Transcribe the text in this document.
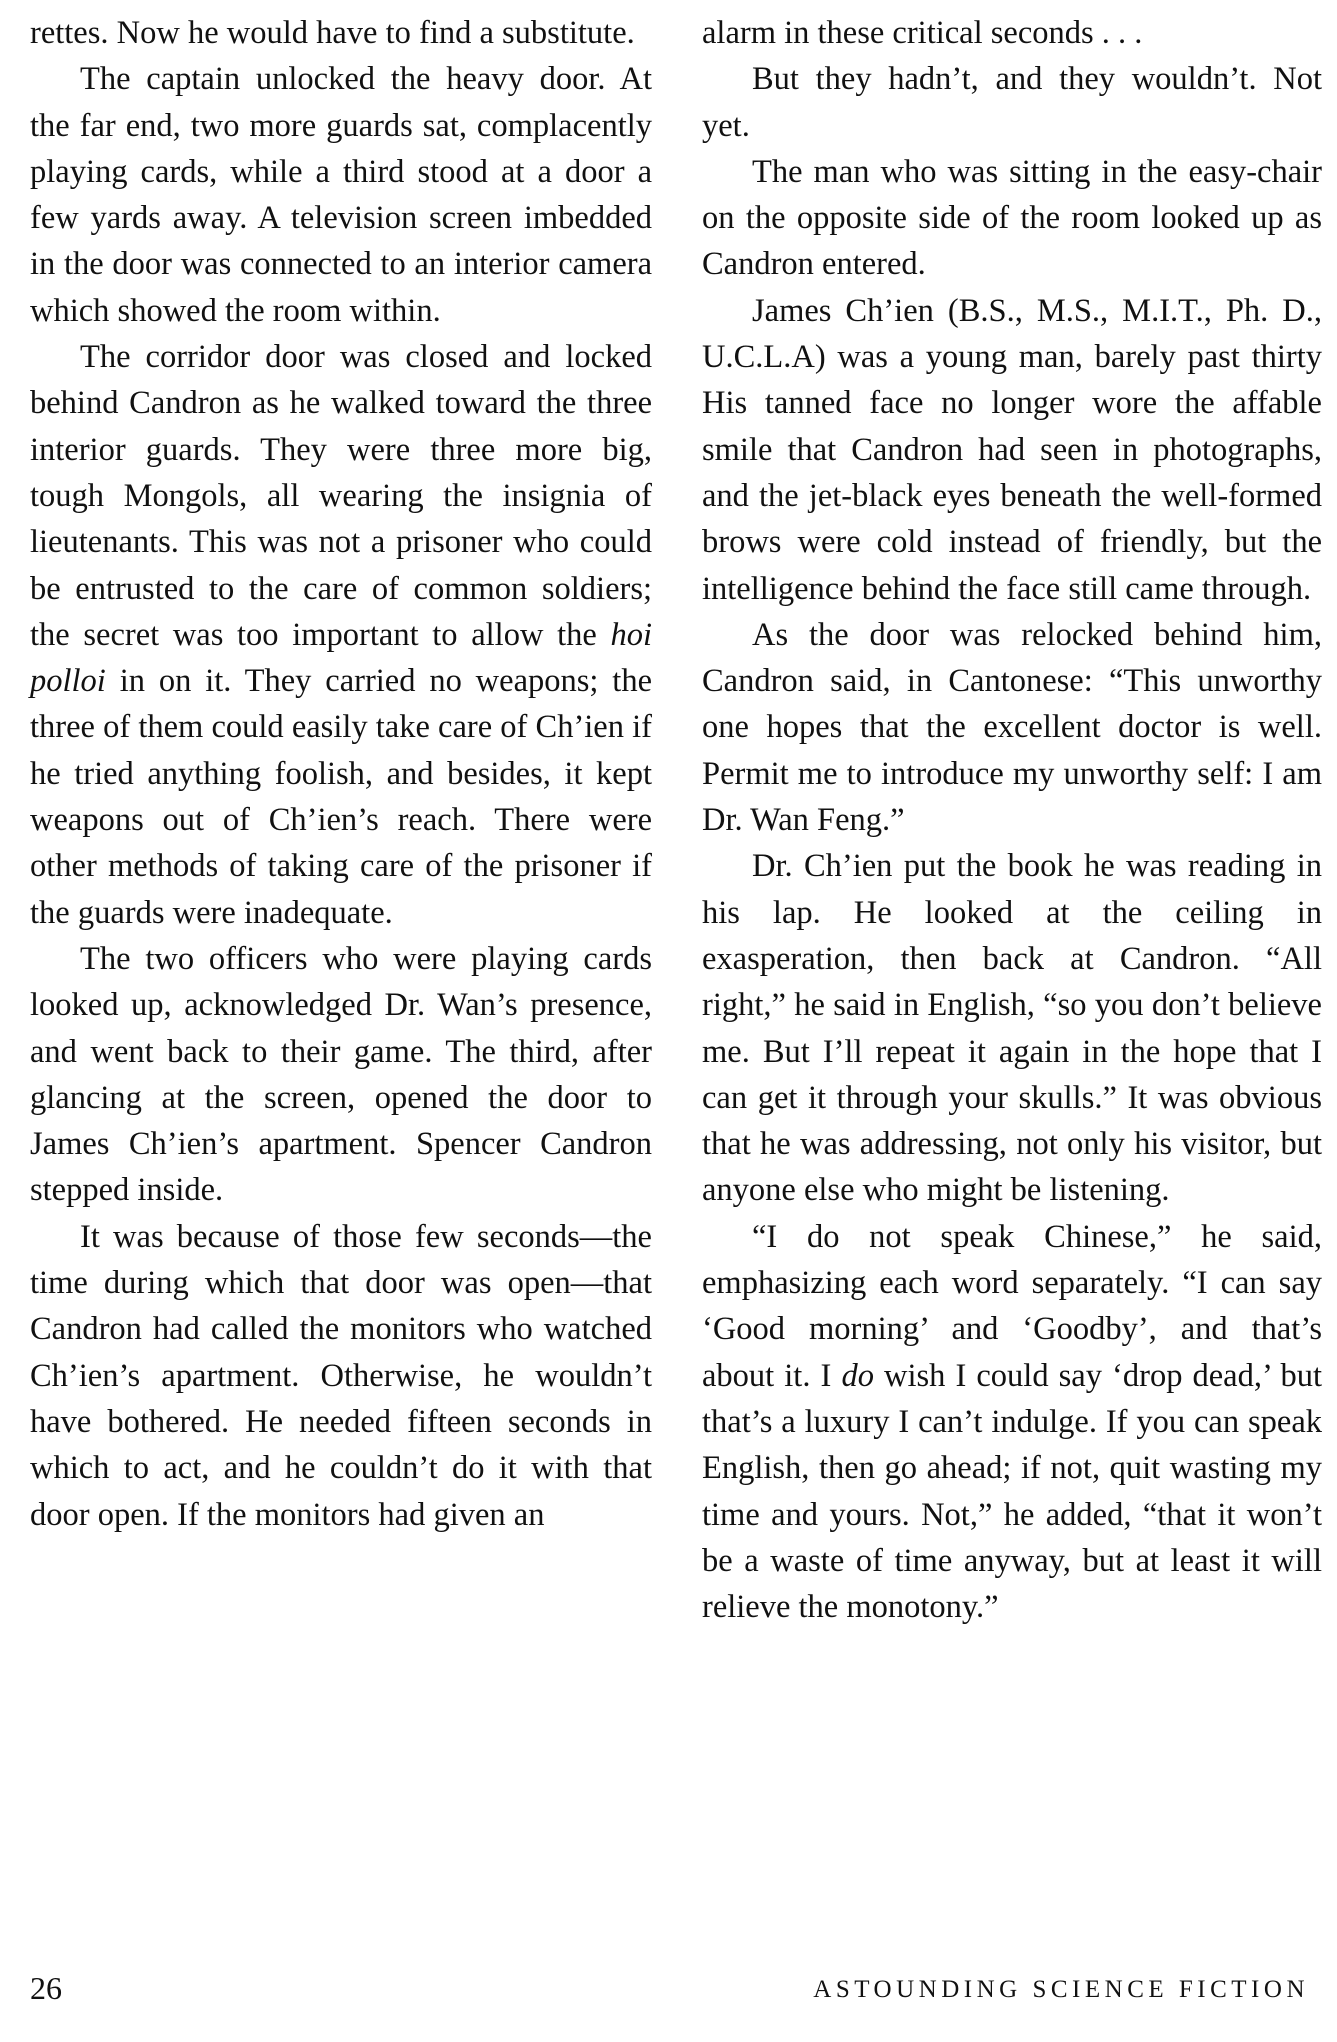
rettes. Now he would have to find a substitute.

The captain unlocked the heavy door. At the far end, two more guards sat, complacently playing cards, while a third stood at a door a few yards away. A television screen imbedded in the door was connected to an interior camera which showed the room within.

The corridor door was closed and locked behind Candron as he walked toward the three interior guards. They were three more big, tough Mongols, all wearing the insignia of lieutenants. This was not a prisoner who could be entrusted to the care of common soldiers; the secret was too important to allow the hoi polloi in on it. They carried no weapons; the three of them could easily take care of Ch’ien if he tried anything foolish, and besides, it kept weapons out of Ch’ien’s reach. There were other methods of taking care of the prisoner if the guards were inadequate.

The two officers who were playing cards looked up, acknowledged Dr. Wan’s presence, and went back to their game. The third, after glancing at the screen, opened the door to James Ch’ien’s apartment. Spencer Candron stepped inside.

It was because of those few seconds—the time during which that door was open—that Candron had called the monitors who watched Ch’ien’s apartment. Otherwise, he wouldn’t have bothered. He needed fifteen seconds in which to act, and he couldn’t do it with that door open. If the monitors had given an

alarm in these critical seconds . . .

But they hadn’t, and they wouldn’t. Not yet.

The man who was sitting in the easy-chair on the opposite side of the room looked up as Candron entered.

James Ch’ien (B.S., M.S., M.I.T., Ph. D., U.C.L.A) was a young man, barely past thirty His tanned face no longer wore the affable smile that Candron had seen in photographs, and the jet-black eyes beneath the well-formed brows were cold instead of friendly, but the intelligence behind the face still came through.

As the door was relocked behind him, Candron said, in Cantonese: “This unworthy one hopes that the excellent doctor is well. Permit me to introduce my unworthy self: I am Dr. Wan Feng.”

Dr. Ch’ien put the book he was reading in his lap. He looked at the ceiling in exasperation, then back at Candron. “All right,” he said in English, “so you don’t believe me. But I’ll repeat it again in the hope that I can get it through your skulls.” It was obvious that he was addressing, not only his visitor, but anyone else who might be listening.

“I do not speak Chinese,” he said, emphasizing each word separately. “I can say ‘Good morning’ and ‘Goodby’, and that’s about it. I do wish I could say ‘drop dead,’ but that’s a luxury I can’t indulge. If you can speak English, then go ahead; if not, quit wasting my time and yours. Not,” he added, “that it won’t be a waste of time anyway, but at least it will relieve the monotony.”

26	ASTOUNDING SCIENCE FICTION
